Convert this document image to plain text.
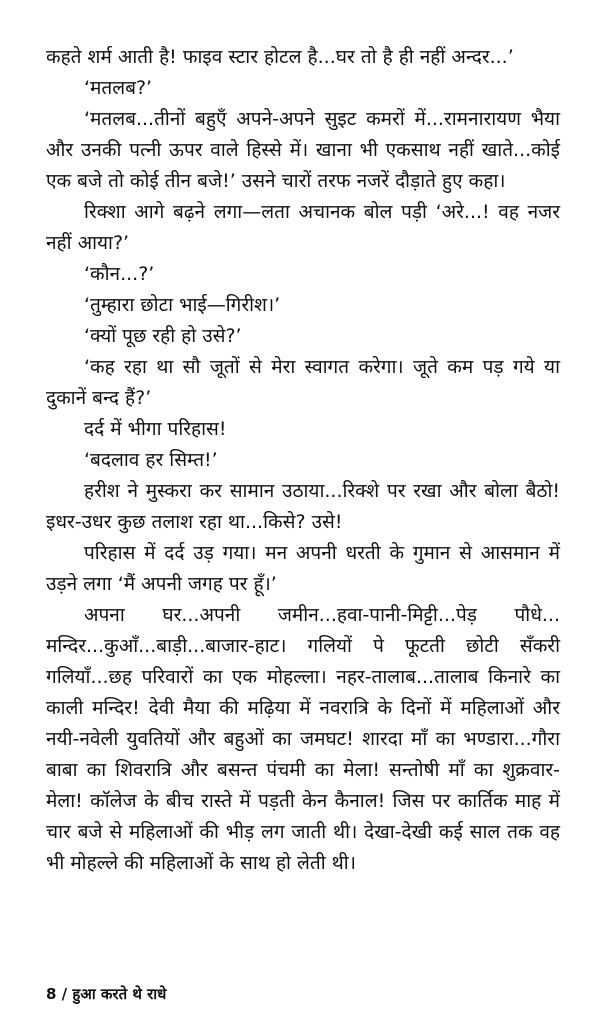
कहते शर्म आती है! फाइव स्टार होटल है...घर तो है ही नहीं अन्दर...’

‘मतलब?’

‘मतलब...तीनों बहुएँ अपने-अपने सुइट कमरों में...रामनारायण भैया और उनकी पत्नी ऊपर वाले हिस्से में। खाना भी एकसाथ नहीं खाते...कोई एक बजे तो कोई तीन बजे!’ उसने चारों तरफ नजरें दौड़ाते हुए कहा।

रिक्शा आगे बढ़ने लगा—लता अचानक बोल पड़ी ‘अरे...! वह नजर नहीं आया?’

‘कौन...?’

‘तुम्हारा छोटा भाई—गिरीश।’

‘क्यों पूछ रही हो उसे?’

‘कह रहा था सौ जूतों से मेरा स्वागत करेगा। जूते कम पड़ गये या दुकानें बन्द हैं?’

दर्द में भीगा परिहास!

‘बदलाव हर सिम्त!’

हरीश ने मुस्करा कर सामान उठाया...रिक्शे पर रखा और बोला बैठो! इधर-उधर कुछ तलाश रहा था...किसे? उसे!

परिहास में दर्द उड़ गया। मन अपनी धरती के गुमान से आसमान में उड़ने लगा ‘मैं अपनी जगह पर हूँ।’

अपना घर...अपनी जमीन...हवा-पानी-मिट्टी...पेड़ पौधे... मन्दिर...कुआँ...बाड़ी...बाजार-हाट। गलियों पे फूटती छोटी सँकरी गलियाँ...छह परिवारों का एक मोहल्ला। नहर-तालाब...तालाब किनारे का काली मन्दिर! देवी मैया की मढ़िया में नवरात्रि के दिनों में महिलाओं और नयी-नवेली युवतियों और बहुओं का जमघट! शारदा माँ का भण्डारा...गौरा बाबा का शिवरात्रि और बसन्त पंचमी का मेला! सन्तोषी माँ का शुक्रवार-मेला! कॉलेज के बीच रास्ते में पड़ती केन कैनाल! जिस पर कार्तिक माह में चार बजे से महिलाओं की भीड़ लग जाती थी। देखा-देखी कई साल तक वह भी मोहल्ले की महिलाओं के साथ हो लेती थी।

8 / हुआ करते थे राधे
